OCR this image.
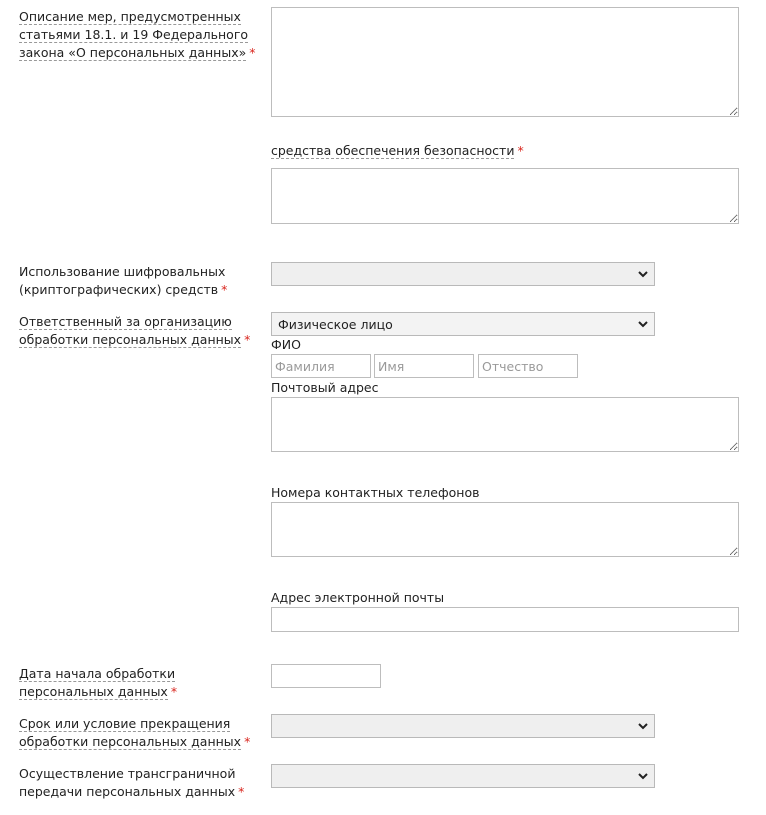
Описание мер, предусмотренных
статьями 18.1. и 19 Федерального
закона «О персональных данных» *
средства обеспечения безопасности *
Использование шифровальных
(криптографических) средств *
Ответственный за организацию
обработки персональных данных *
Физическое лицо
ФИО
Фамилия
Имя
Отчество
Почтовый адрес
Номера контактных телефонов
Адрес электронной почты
Дата начала обработки
персональных данных *
Срок или условие прекращения
обработки персональных данных *
Осуществление трансграничной
передачи персональных данных *
